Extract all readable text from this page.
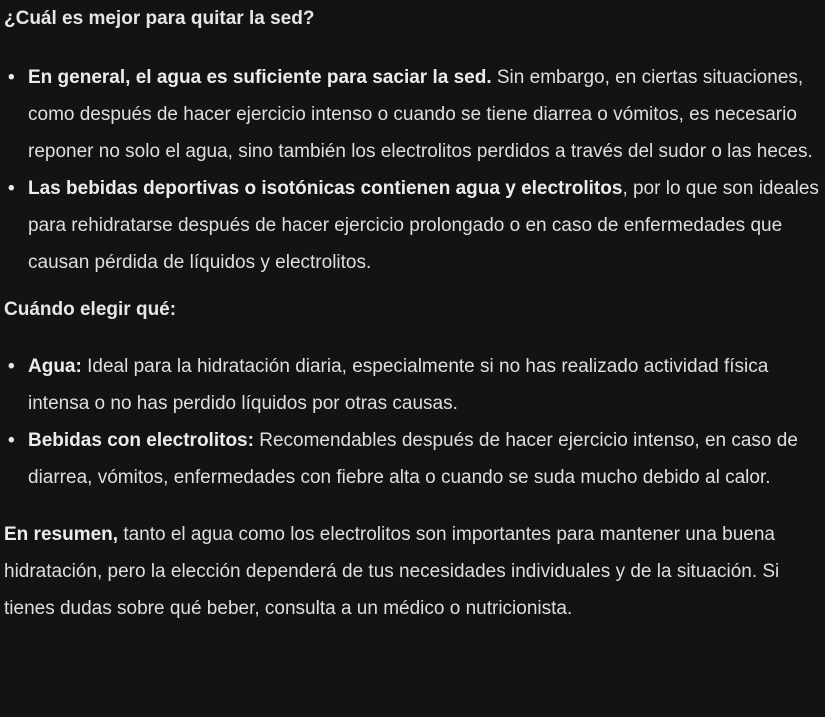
¿Cuál es mejor para quitar la sed?
• En general, el agua es suficiente para saciar la sed. Sin embargo, en ciertas situaciones, como después de hacer ejercicio intenso o cuando se tiene diarrea o vómitos, es necesario reponer no solo el agua, sino también los electrolitos perdidos a través del sudor o las heces.
• Las bebidas deportivas o isotónicas contienen agua y electrolitos, por lo que son ideales para rehidratarse después de hacer ejercicio prolongado o en caso de enfermedades que causan pérdida de líquidos y electrolitos.
Cuándo elegir qué:
• Agua: Ideal para la hidratación diaria, especialmente si no has realizado actividad física intensa o no has perdido líquidos por otras causas.
• Bebidas con electrolitos: Recomendables después de hacer ejercicio intenso, en caso de diarrea, vómitos, enfermedades con fiebre alta o cuando se suda mucho debido al calor.

En resumen, tanto el agua como los electrolitos son importantes para mantener una buena hidratación, pero la elección dependerá de tus necesidades individuales y de la situación. Si tienes dudas sobre qué beber, consulta a un médico o nutricionista.
